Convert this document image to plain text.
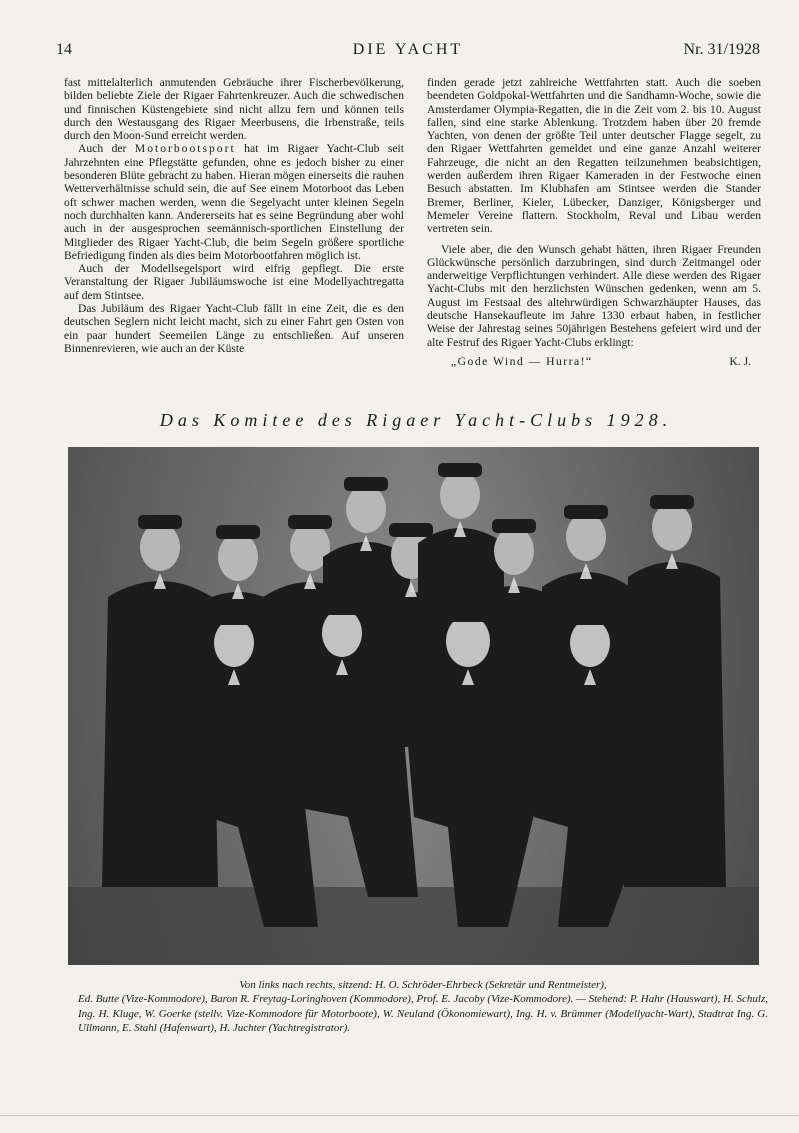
14	DIE YACHT	Nr. 31/1928

fast mittelalterlich anmutenden Gebräuche ihrer Fischerbevölkerung, bilden beliebte Ziele der Rigaer Fahrtenkreuzer. Auch die schwedischen und finnischen Küstengebiete sind nicht allzu fern und können teils durch den Westausgang des Rigaer Meerbusens, die Irbenstraße, teils durch den Moon-Sund erreicht werden.

Auch der Motorbootsport hat im Rigaer Yacht-Club seit Jahrzehnten eine Pflegstätte gefunden, ohne es jedoch bisher zu einer besonderen Blüte gebracht zu haben. Hieran mögen einerseits die rauhen Wetterverhältnisse schuld sein, die auf See einem Motorboot das Leben oft schwer machen werden, wenn die Segelyacht unter kleinen Segeln noch durchhalten kann. Andererseits hat es seine Begründung aber wohl auch in der ausgesprochen seemännisch-sportlichen Einstellung der Mitglieder des Rigaer Yacht-Club, die beim Segeln größere sportliche Befriedigung finden als dies beim Motorbootfahren möglich ist.

Auch der Modellsegelsport wird eifrig gepflegt. Die erste Veranstaltung der Rigaer Jubiläumswoche ist eine Modellyachtregatta auf dem Stintsee.

Das Jubiläum des Rigaer Yacht-Club fällt in eine Zeit, die es den deutschen Seglern nicht leicht macht, sich zu einer Fahrt gen Osten von ein paar hundert Seemeilen Länge zu entschließen. Auf unseren Binnenrevieren, wie auch an der Küste

finden gerade jetzt zahlreiche Wettfahrten statt. Auch die soeben beendeten Goldpokal-Wettfahrten und die Sandhamn-Woche, sowie die Amsterdamer Olympia-Regatten, die in die Zeit vom 2. bis 10. August fallen, sind eine starke Ablenkung. Trotzdem haben über 20 fremde Yachten, von denen der größte Teil unter deutscher Flagge segelt, zu den Rigaer Wettfahrten gemeldet und eine ganze Anzahl weiterer Fahrzeuge, die nicht an den Regatten teilzunehmen beabsichtigen, werden außerdem ihren Rigaer Kameraden in der Festwoche einen Besuch abstatten. Im Klubhafen am Stintsee werden die Stander Bremer, Berliner, Kieler, Lübecker, Danziger, Königsberger und Memeler Vereine flattern. Stockholm, Reval und Libau werden vertreten sein.

Viele aber, die den Wunsch gehabt hätten, ihren Rigaer Freunden Glückwünsche persönlich darzubringen, sind durch Zeitmangel oder anderweitige Verpflichtungen verhindert. Alle diese werden des Rigaer Yacht-Clubs mit den herzlichsten Wünschen gedenken, wenn am 5. August im Festsaal des altehrwürdigen Schwarzhäupter Hauses, das deutsche Hansekaufleute im Jahre 1330 erbaut haben, in festlicher Weise der Jahrestag seines 50jährigen Bestehens gefeiert wird und der alte Festruf des Rigaer Yacht-Clubs erklingt:

„Gode Wind — Hurra!“	K. J.
Das Komitee des Rigaer Yacht-Clubs 1928.

Von links nach rechts, sitzend: H. O. Schröder-Ehrbeck (Sekretär und Rentmeister),

Ed. Butte (Vize-Kommodore), Baron R. Freytag-Loringhoven (Kommodore), Prof. E. Jacoby (Vize-Kommodore). — Stehend: P. Hahr (Hauswart), H. Schulz, Ing. H. Kluge, W. Goerke (stellv. Vize-Kommodore für Motorboote), W. Neuland (Ökonomiewart), Ing. H. v. Brümmer (Modellyacht-Wart), Stadtrat Ing. G. Ullmann, E. Stahl (Hafenwart), H. Juchter (Yachtregistrator).
